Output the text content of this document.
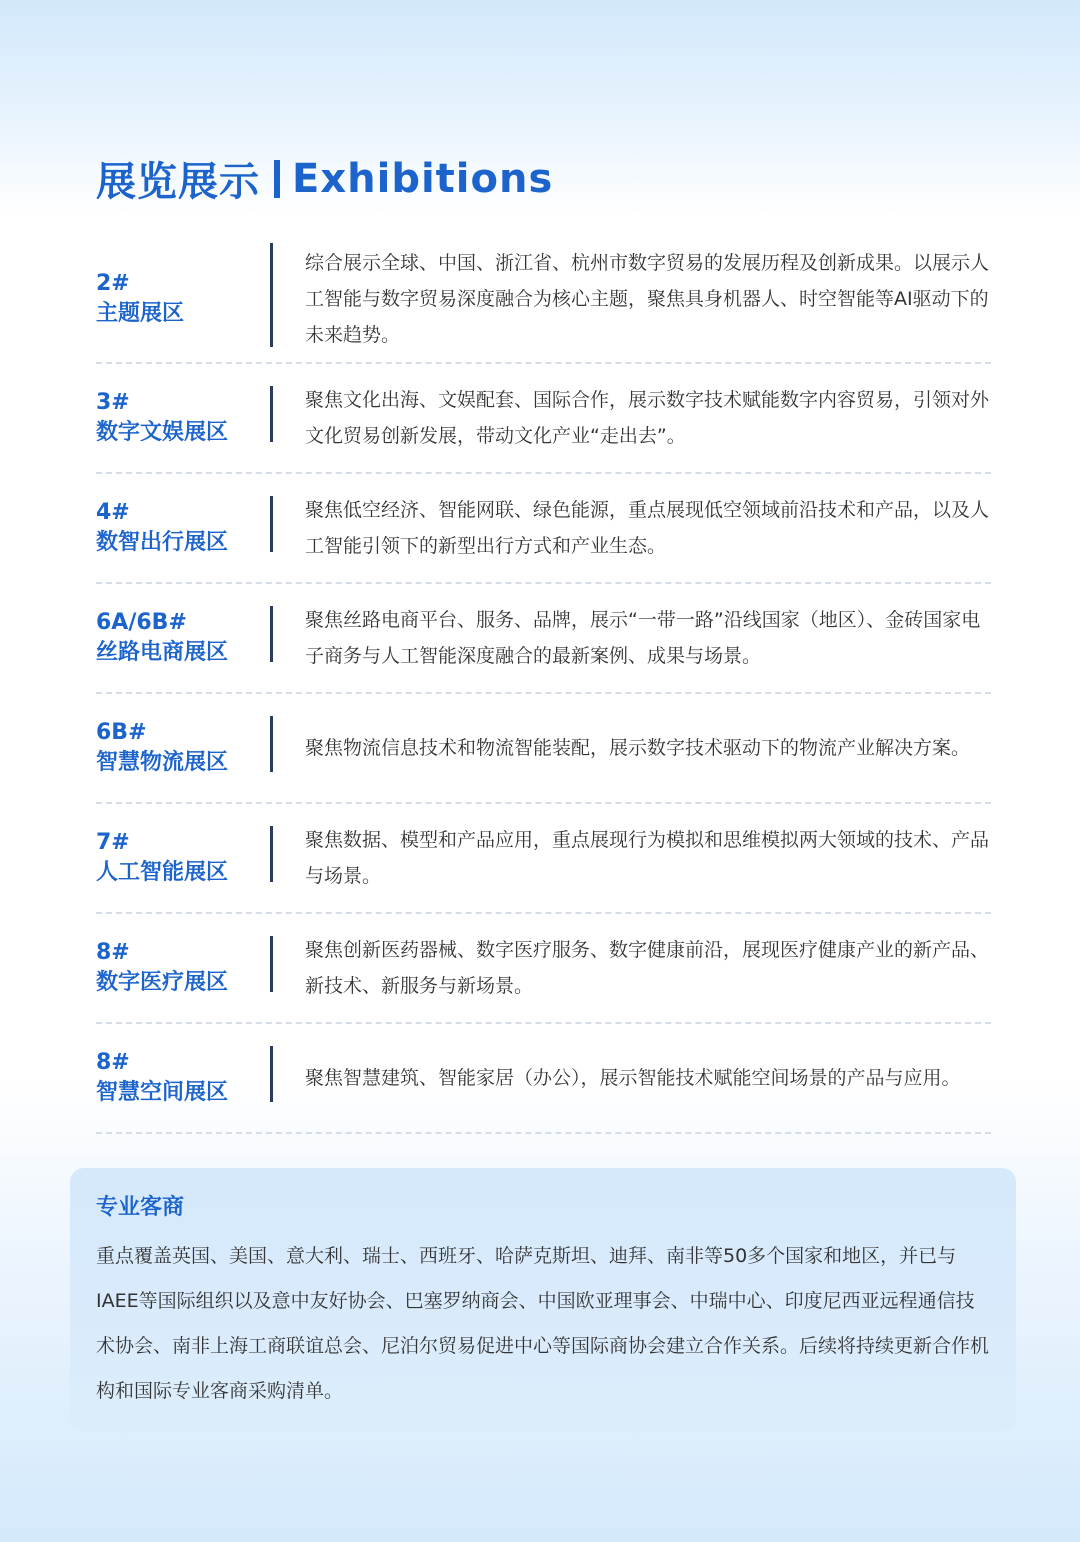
展览展示 Exhibitions
2#
主题展区
综合展示全球、中国、浙江省、杭州市数字贸易的发展历程及创新成果。以展示人工智能与数字贸易深度融合为核心主题，聚焦具身机器人、时空智能等AI驱动下的未来趋势。
3#
数字文娱展区
聚焦文化出海、文娱配套、国际合作，展示数字技术赋能数字内容贸易，引领对外文化贸易创新发展，带动文化产业“走出去”。
4#
数智出行展区
聚焦低空经济、智能网联、绿色能源，重点展现低空领域前沿技术和产品，以及人工智能引领下的新型出行方式和产业生态。
6A/6B#
丝路电商展区
聚焦丝路电商平台、服务、品牌，展示“一带一路”沿线国家（地区）、金砖国家电子商务与人工智能深度融合的最新案例、成果与场景。
6B#
智慧物流展区
聚焦物流信息技术和物流智能装配，展示数字技术驱动下的物流产业解决方案。
7#
人工智能展区
聚焦数据、模型和产品应用，重点展现行为模拟和思维模拟两大领域的技术、产品与场景。
8#
数字医疗展区
聚焦创新医药器械、数字医疗服务、数字健康前沿，展现医疗健康产业的新产品、新技术、新服务与新场景。
8#
智慧空间展区
聚焦智慧建筑、智能家居（办公），展示智能技术赋能空间场景的产品与应用。
专业客商
重点覆盖英国、美国、意大利、瑞士、西班牙、哈萨克斯坦、迪拜、南非等50多个国家和地区，并已与IAEE等国际组织以及意中友好协会、巴塞罗纳商会、中国欧亚理事会、中瑞中心、印度尼西亚远程通信技术协会、南非上海工商联谊总会、尼泊尔贸易促进中心等国际商协会建立合作关系。后续将持续更新合作机构和国际专业客商采购清单。
